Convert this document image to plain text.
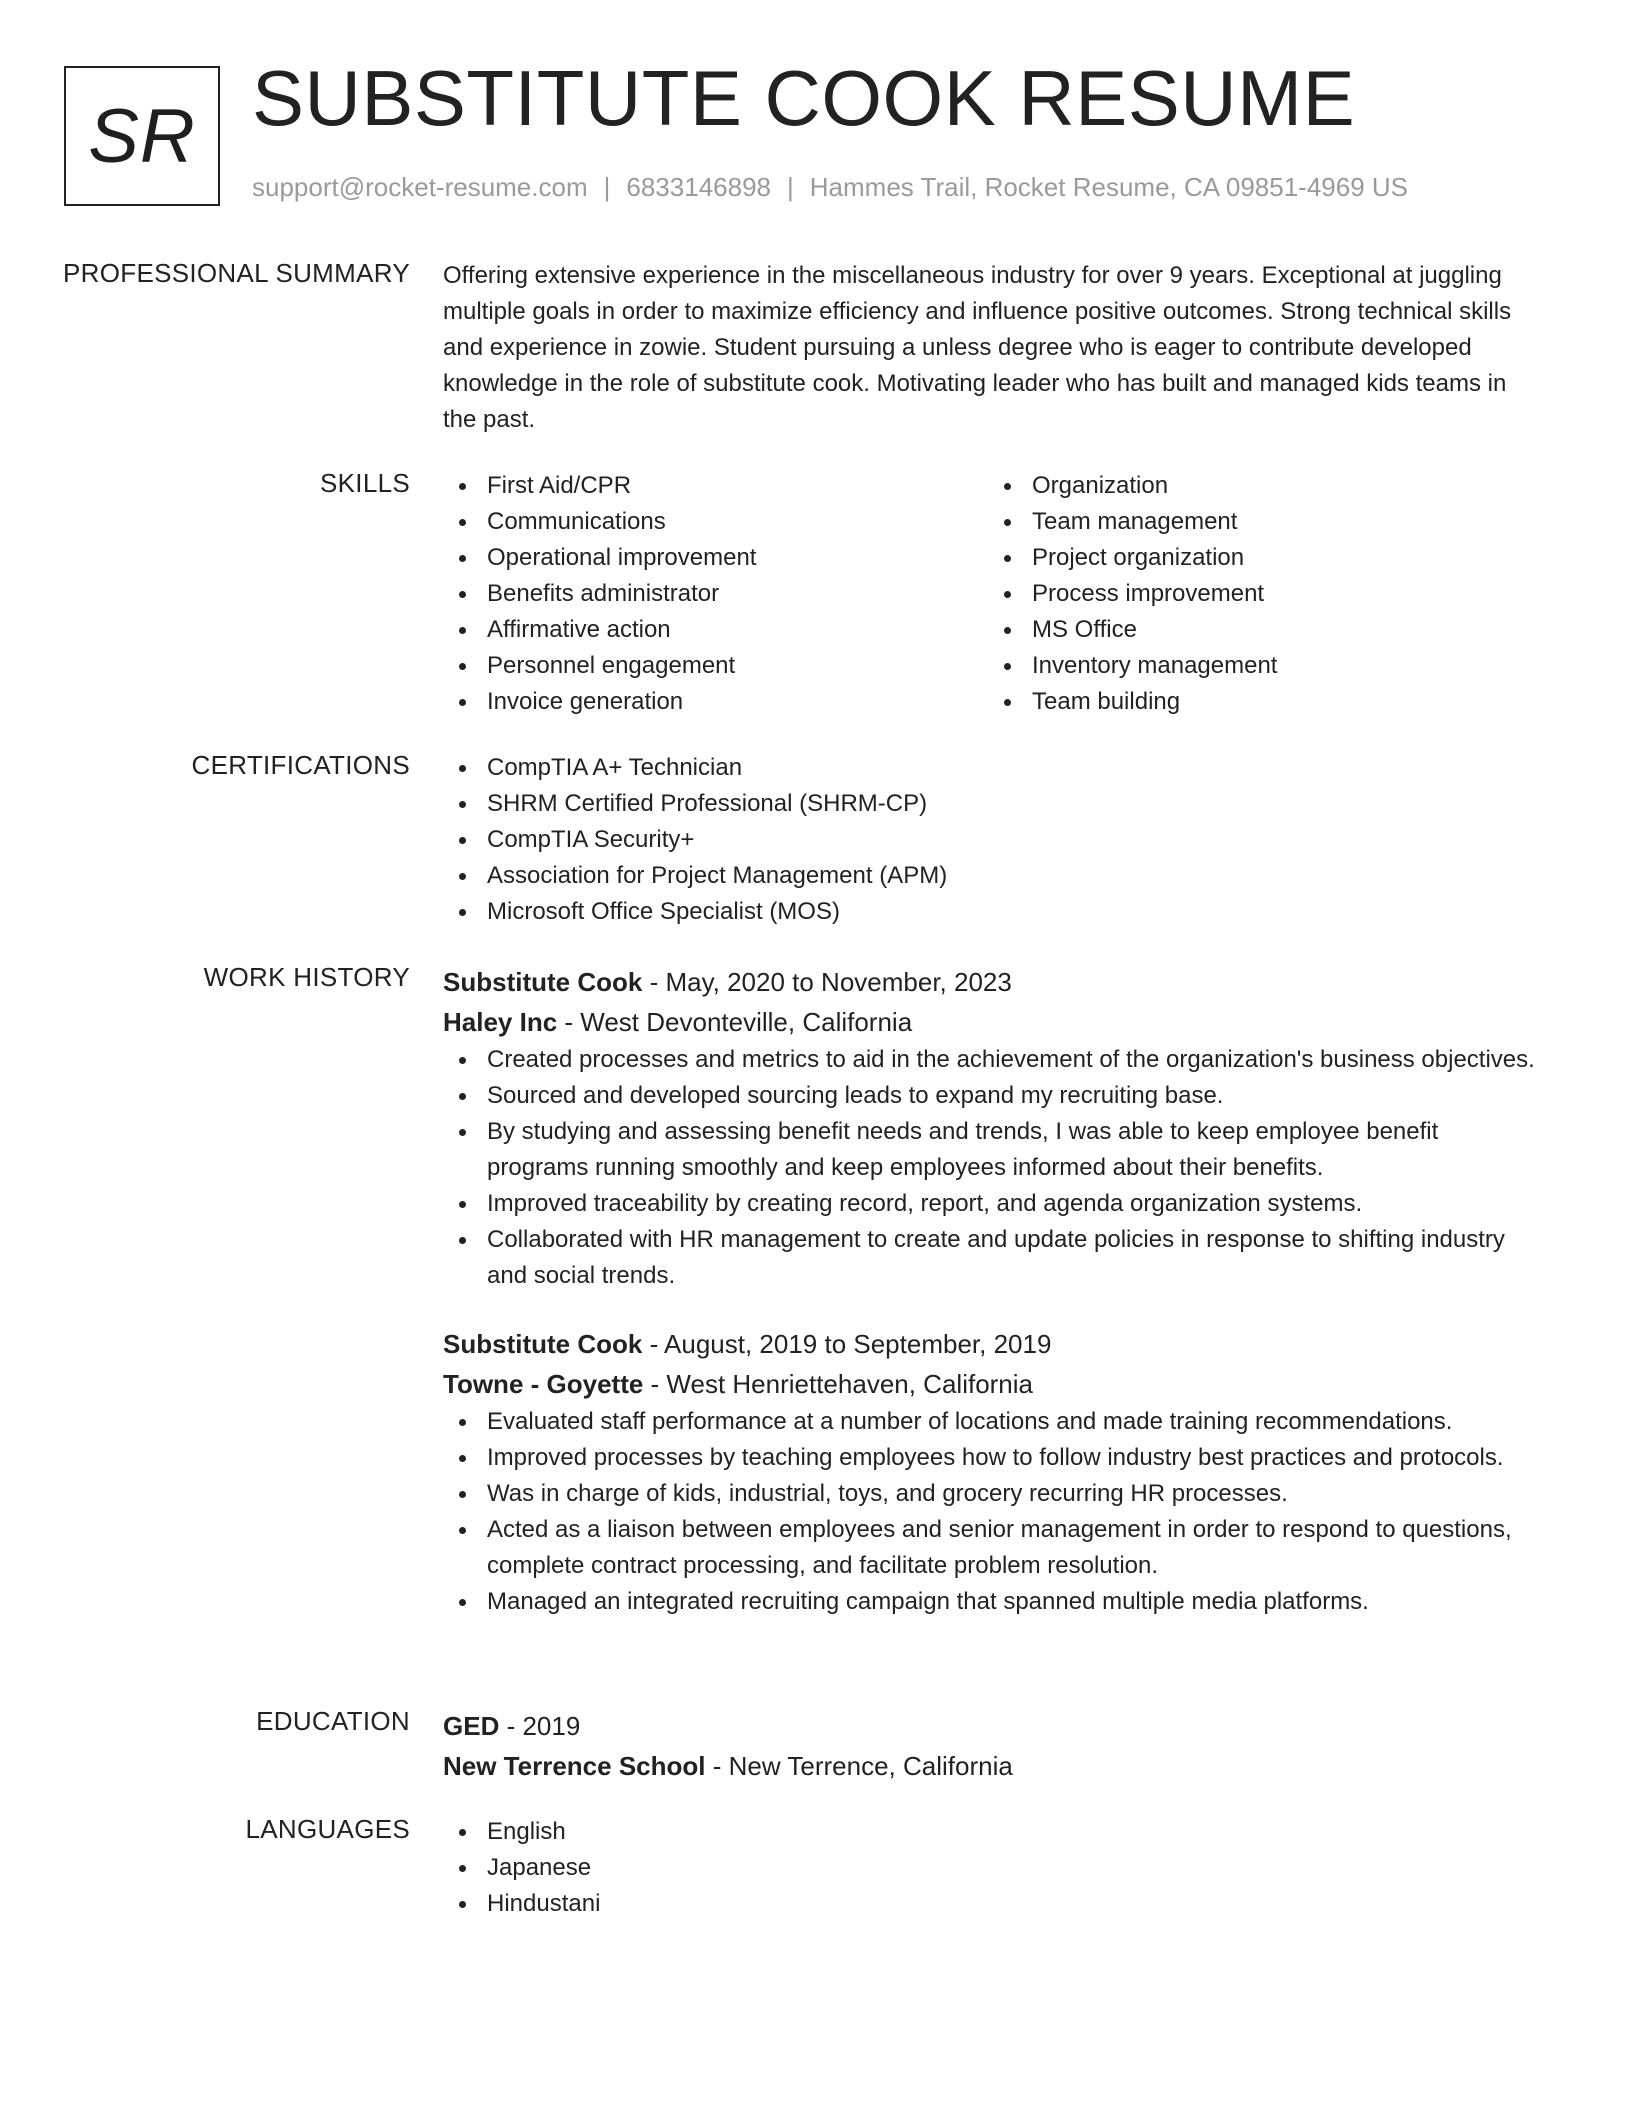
SR SUBSTITUTE COOK RESUME
support@rocket-resume.com | 6833146898 | Hammes Trail, Rocket Resume, CA 09851-4969 US
PROFESSIONAL SUMMARY Offering extensive experience in the miscellaneous industry for over 9 years. Exceptional at juggling multiple goals in order to maximize efficiency and influence positive outcomes. Strong technical skills and experience in zowie. Student pursuing a unless degree who is eager to contribute developed knowledge in the role of substitute cook. Motivating leader who has built and managed kids teams in the past.

SKILLS	First Aid/CPR
Communications
Operational improvement
Benefits administrator
Affirmative action
Personnel engagement
Invoice generation
Organization
Team management
Project organization
Process improvement
MS Office
Inventory management
Team building
CERTIFICATIONS	CompTIA A+ Technician
SHRM Certified Professional (SHRM-CP)
CompTIA Security+
Association for Project Management (APM)
Microsoft Office Specialist (MOS)
WORK HISTORY Substitute Cook - May, 2020 to November, 2023
Haley Inc - West Devonteville, California
Created processes and metrics to aid in the achievement of the organization's business objectives.
Sourced and developed sourcing leads to expand my recruiting base.
By studying and assessing benefit needs and trends, I was able to keep employee benefit programs running smoothly and keep employees informed about their benefits.
Improved traceability by creating record, report, and agenda organization systems.
Collaborated with HR management to create and update policies in response to shifting industry and social trends.
Substitute Cook - August, 2019 to September, 2019
Towne - Goyette - West Henriettehaven, California
Evaluated staff performance at a number of locations and made training recommendations.
Improved processes by teaching employees how to follow industry best practices and protocols.
Was in charge of kids, industrial, toys, and grocery recurring HR processes.
Acted as a liaison between employees and senior management in order to respond to questions, complete contract processing, and facilitate problem resolution.
Managed an integrated recruiting campaign that spanned multiple media platforms.
EDUCATION GED - 2019
New Terrence School - New Terrence, California
LANGUAGES	English
Japanese
Hindustani
